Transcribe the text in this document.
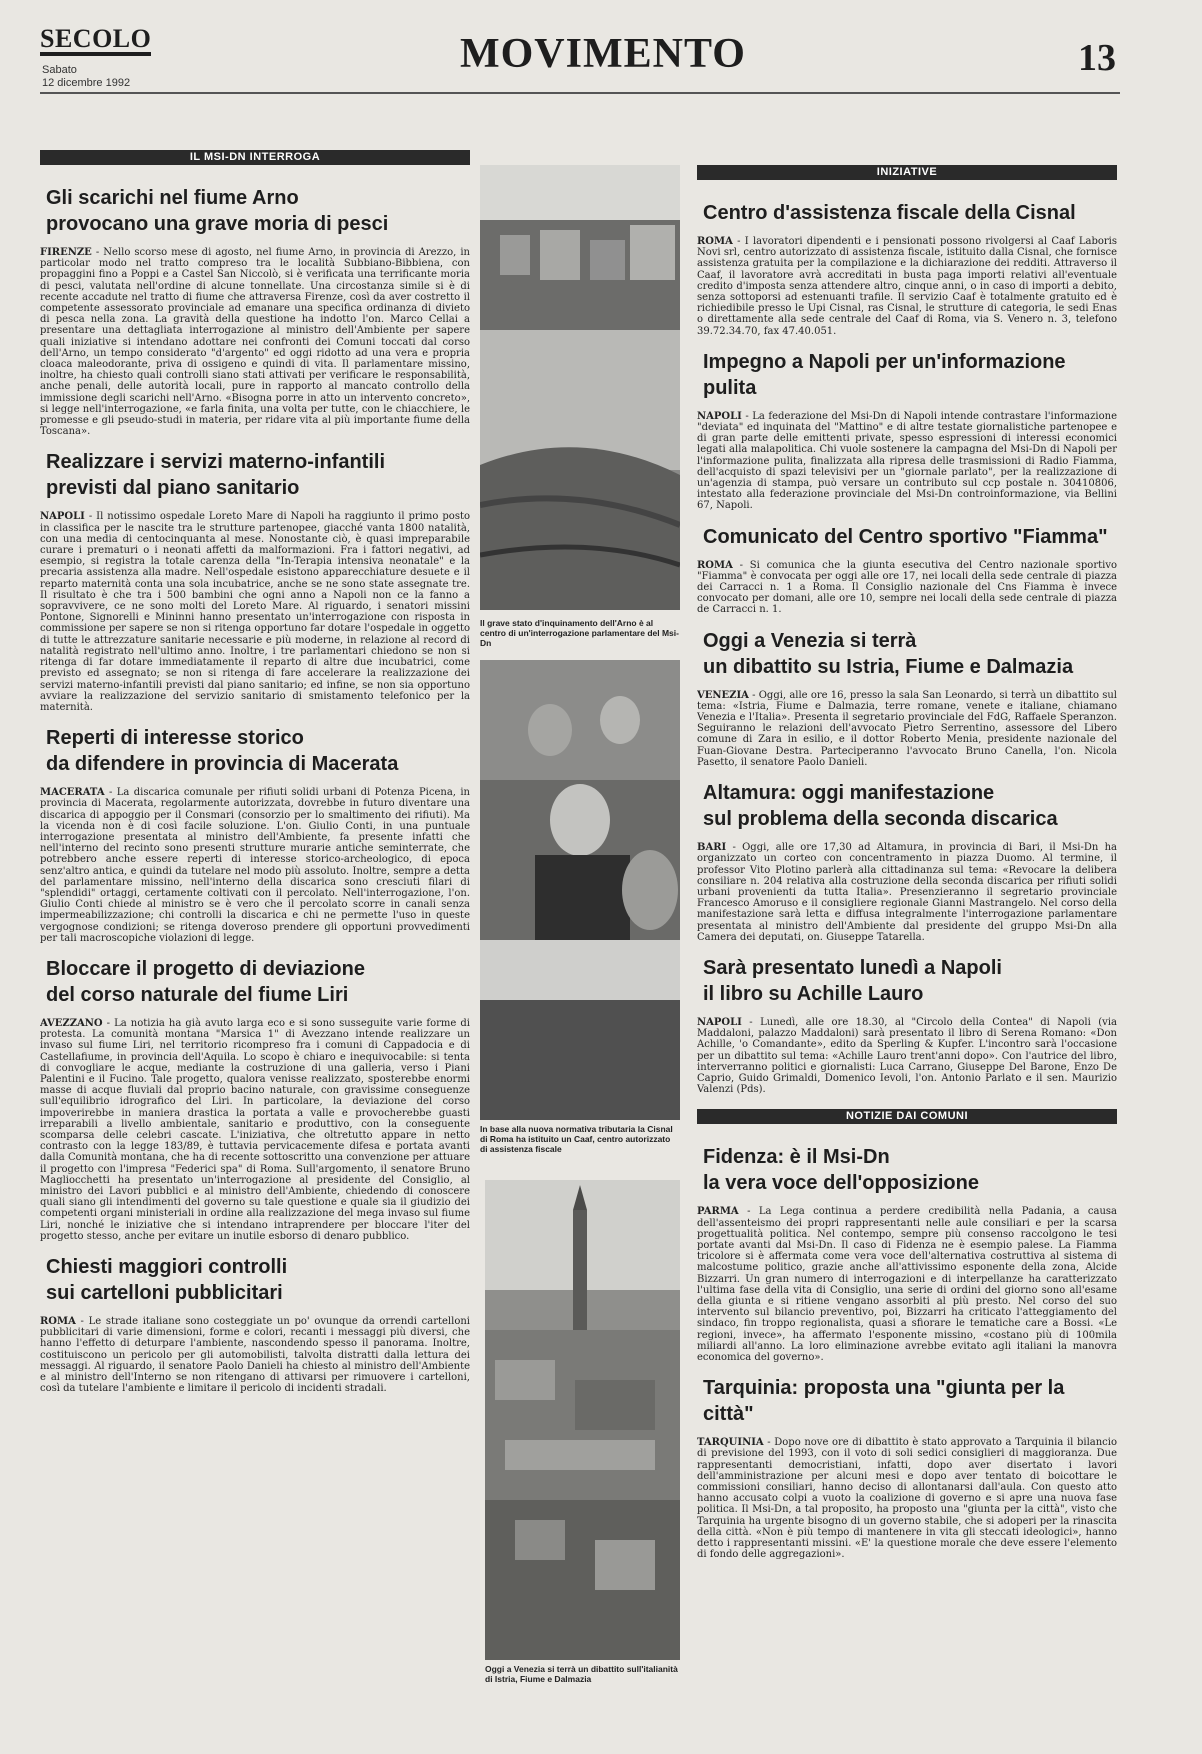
SECOLO
Sabato
12 dicembre 1992
MOVIMENTO	13
IL MSI-DN INTERROGA
Gli scarichi nel fiume Arno
provocano una grave moria di pesci

FIRENZE - Nello scorso mese di agosto, nel fiume Arno, in provincia di Arezzo, in particolar modo nel tratto compreso tra le località Subbiano-Bibbiena, con propaggini fino a Poppi e a Castel San Niccolò, si è verificata una terrificante moria di pesci, valutata nell'ordine di alcune tonnellate. Una circostanza simile si è di recente accadute nel tratto di fiume che attraversa Firenze, così da aver costretto il competente assessorato provinciale ad emanare una specifica ordinanza di divieto di pesca nella zona. La gravità della questione ha indotto l'on. Marco Cellai a presentare una dettagliata interrogazione al ministro dell'Ambiente per sapere quali iniziative si intendano adottare nei confronti dei Comuni toccati dal corso dell'Arno, un tempo considerato "d'argento" ed oggi ridotto ad una vera e propria cloaca maleodorante, priva di ossigeno e quindi di vita. Il parlamentare missino, inoltre, ha chiesto quali controlli siano stati attivati per verificare le responsabilità, anche penali, delle autorità locali, pure in rapporto al mancato controllo della immissione degli scarichi nell'Arno. «Bisogna porre in atto un intervento concreto», si legge nell'interrogazione, «e farla finita, una volta per tutte, con le chiacchiere, le promesse e gli pseudo-studi in materia, per ridare vita al più importante fiume della Toscana».

Realizzare i servizi materno-infantili
previsti dal piano sanitario

NAPOLI - Il notissimo ospedale Loreto Mare di Napoli ha raggiunto il primo posto in classifica per le nascite tra le strutture partenopee, giacché vanta 1800 natalità, con una media di centocinquanta al mese. Nonostante ciò, è quasi impreparabile curare i prematuri o i neonati affetti da malformazioni. Fra i fattori negativi, ad esempio, si registra la totale carenza della "In-Terapia intensiva neonatale" e la precaria assistenza alla madre. Nell'ospedale esistono apparecchiature desuete e il reparto maternità conta una sola incubatrice, anche se ne sono state assegnate tre. Il risultato è che tra i 500 bambini che ogni anno a Napoli non ce la fanno a sopravvivere, ce ne sono molti del Loreto Mare. Al riguardo, i senatori missini Pontone, Signorelli e Mininni hanno presentato un'interrogazione con risposta in commissione per sapere se non si ritenga opportuno far dotare l'ospedale in oggetto di tutte le attrezzature sanitarie necessarie e più moderne, in relazione al record di natalità registrato nell'ultimo anno. Inoltre, i tre parlamentari chiedono se non si ritenga di far dotare immediatamente il reparto di altre due incubatrici, come previsto ed assegnato; se non si ritenga di fare accelerare la realizzazione dei servizi materno-infantili previsti dal piano sanitario; ed infine, se non sia opportuno avviare la realizzazione del servizio sanitario di smistamento telefonico per la maternità.

Reperti di interesse storico
da difendere in provincia di Macerata

MACERATA - La discarica comunale per rifiuti solidi urbani di Potenza Picena, in provincia di Macerata, regolarmente autorizzata, dovrebbe in futuro diventare una discarica di appoggio per il Consmari (consorzio per lo smaltimento dei rifiuti). Ma la vicenda non è di così facile soluzione. L'on. Giulio Conti, in una puntuale interrogazione presentata al ministro dell'Ambiente, fa presente infatti che nell'interno del recinto sono presenti strutture murarie antiche seminterrate, che potrebbero anche essere reperti di interesse storico-archeologico, di epoca senz'altro antica, e quindi da tutelare nel modo più assoluto. Inoltre, sempre a detta del parlamentare missino, nell'interno della discarica sono cresciuti filari di "splendidi" ortaggi, certamente coltivati con il percolato. Nell'interrogazione, l'on. Giulio Conti chiede al ministro se è vero che il percolato scorre in canali senza impermeabilizzazione; chi controlli la discarica e chi ne permette l'uso in queste vergognose condizioni; se ritenga doveroso prendere gli opportuni provvedimenti per tali macroscopiche violazioni di legge.

Bloccare il progetto di deviazione
del corso naturale del fiume Liri

AVEZZANO - La notizia ha già avuto larga eco e si sono susseguite varie forme di protesta. La comunità montana "Marsica 1" di Avezzano intende realizzare un invaso sul fiume Liri, nel territorio ricompreso fra i comuni di Cappadocia e di Castellafiume, in provincia dell'Aquila. Lo scopo è chiaro e inequivocabile: si tenta di convogliare le acque, mediante la costruzione di una galleria, verso i Piani Palentini e il Fucino. Tale progetto, qualora venisse realizzato, sposterebbe enormi masse di acque fluviali dal proprio bacino naturale, con gravissime conseguenze sull'equilibrio idrografico del Liri. In particolare, la deviazione del corso impoverirebbe in maniera drastica la portata a valle e provocherebbe guasti irreparabili a livello ambientale, sanitario e produttivo, con la conseguente scomparsa delle celebri cascate. L'iniziativa, che oltretutto appare in netto contrasto con la legge 183/89, è tuttavia pervicacemente difesa e portata avanti dalla Comunità montana, che ha di recente sottoscritto una convenzione per attuare il progetto con l'impresa "Federici spa" di Roma. Sull'argomento, il senatore Bruno Magliocchetti ha presentato un'interrogazione al presidente del Consiglio, al ministro dei Lavori pubblici e al ministro dell'Ambiente, chiedendo di conoscere quali siano gli intendimenti del governo su tale questione e quale sia il giudizio dei competenti organi ministeriali in ordine alla realizzazione del mega invaso sul fiume Liri, nonché le iniziative che si intendano intraprendere per bloccare l'iter del progetto stesso, anche per evitare un inutile esborso di denaro pubblico.

Chiesti maggiori controlli
sui cartelloni pubblicitari

ROMA - Le strade italiane sono costeggiate un po' ovunque da orrendi cartelloni pubblicitari di varie dimensioni, forme e colori, recanti i messaggi più diversi, che hanno l'effetto di deturpare l'ambiente, nascondendo spesso il panorama. Inoltre, costituiscono un pericolo per gli automobilisti, talvolta distratti dalla lettura dei messaggi. Al riguardo, il senatore Paolo Danieli ha chiesto al ministro dell'Ambiente e al ministro dell'Interno se non ritengano di attivarsi per rimuovere i cartelloni, così da tutelare l'ambiente e limitare il pericolo di incidenti stradali.

Il grave stato d'inquinamento dell'Arno è al centro di un'interrogazione parlamentare del Msi-Dn
In base alla nuova normativa tributaria la Cisnal di Roma ha istituito un Caaf, centro autorizzato di assistenza fiscale
Oggi a Venezia si terrà un dibattito sull'italianità di Istria, Fiume e Dalmazia
INIZIATIVE
Centro d'assistenza fiscale della Cisnal

ROMA - I lavoratori dipendenti e i pensionati possono rivolgersi al Caaf Laboris Novi srl, centro autorizzato di assistenza fiscale, istituito dalla Cisnal, che fornisce assistenza gratuita per la compilazione e la dichiarazione dei redditi. Attraverso il Caaf, il lavoratore avrà accreditati in busta paga importi relativi all'eventuale credito d'imposta senza attendere altro, cinque anni, o in caso di importi a debito, senza sottoporsi ad estenuanti trafile. Il servizio Caaf è totalmente gratuito ed è richiedibile presso le Upi Cisnal, ras Cisnal, le strutture di categoria, le sedi Enas o direttamente alla sede centrale del Caaf di Roma, via S. Venero n. 3, telefono 39.72.34.70, fax 47.40.051.

Impegno a Napoli per un'informazione pulita

NAPOLI - La federazione del Msi-Dn di Napoli intende contrastare l'informazione "deviata" ed inquinata del "Mattino" e di altre testate giornalistiche partenopee e di gran parte delle emittenti private, spesso espressioni di interessi economici legati alla malapolitica. Chi vuole sostenere la campagna del Msi-Dn di Napoli per l'informazione pulita, finalizzata alla ripresa delle trasmissioni di Radio Fiamma, dell'acquisto di spazi televisivi per un "giornale parlato", per la realizzazione di un'agenzia di stampa, può versare un contributo sul ccp postale n. 30410806, intestato alla federazione provinciale del Msi-Dn controinformazione, via Bellini 67, Napoli.

Comunicato del Centro sportivo "Fiamma"

ROMA - Si comunica che la giunta esecutiva del Centro nazionale sportivo "Fiamma" è convocata per oggi alle ore 17, nei locali della sede centrale di piazza dei Carracci n. 1 a Roma. Il Consiglio nazionale del Cns Fiamma è invece convocato per domani, alle ore 10, sempre nei locali della sede centrale di piazza de Carracci n. 1.

Oggi a Venezia si terrà
un dibattito su Istria, Fiume e Dalmazia

VENEZIA - Oggi, alle ore 16, presso la sala San Leonardo, si terrà un dibattito sul tema: «Istria, Fiume e Dalmazia, terre romane, venete e italiane, chiamano Venezia e l'Italia». Presenta il segretario provinciale del FdG, Raffaele Speranzon. Seguiranno le relazioni dell'avvocato Pietro Serrentino, assessore del Libero comune di Zara in esilio, e il dottor Roberto Menia, presidente nazionale del Fuan-Giovane Destra. Parteciperanno l'avvocato Bruno Canella, l'on. Nicola Pasetto, il senatore Paolo Danieli.

Altamura: oggi manifestazione
sul problema della seconda discarica

BARI - Oggi, alle ore 17,30 ad Altamura, in provincia di Bari, il Msi-Dn ha organizzato un corteo con concentramento in piazza Duomo. Al termine, il professor Vito Plotino parlerà alla cittadinanza sul tema: «Revocare la delibera consiliare n. 204 relativa alla costruzione della seconda discarica per rifiuti solidi urbani provenienti da tutta Italia». Presenzieranno il segretario provinciale Francesco Amoruso e il consigliere regionale Gianni Mastrangelo. Nel corso della manifestazione sarà letta e diffusa integralmente l'interrogazione parlamentare presentata al ministro dell'Ambiente dal presidente del gruppo Msi-Dn alla Camera dei deputati, on. Giuseppe Tatarella.

Sarà presentato lunedì a Napoli
il libro su Achille Lauro

NAPOLI - Lunedì, alle ore 18.30, al "Circolo della Contea" di Napoli (via Maddaloni, palazzo Maddaloni) sarà presentato il libro di Serena Romano: «Don Achille, 'o Comandante», edito da Sperling & Kupfer. L'incontro sarà l'occasione per un dibattito sul tema: «Achille Lauro trent'anni dopo». Con l'autrice del libro, interverranno politici e giornalisti: Luca Carrano, Giuseppe Del Barone, Enzo De Caprio, Guido Grimaldi, Domenico Ievoli, l'on. Antonio Parlato e il sen. Maurizio Valenzi (Pds).

NOTIZIE DAI COMUNI
Fidenza: è il Msi-Dn
la vera voce dell'opposizione

PARMA - La Lega continua a perdere credibilità nella Padania, a causa dell'assenteismo dei propri rappresentanti nelle aule consiliari e per la scarsa progettualità politica. Nel contempo, sempre più consenso raccolgono le tesi portate avanti dal Msi-Dn. Il caso di Fidenza ne è esempio palese. La Fiamma tricolore si è affermata come vera voce dell'alternativa costruttiva al sistema di malcostume politico, grazie anche all'attivissimo esponente della zona, Alcide Bizzarri. Un gran numero di interrogazioni e di interpellanze ha caratterizzato l'ultima fase della vita di Consiglio, una serie di ordini del giorno sono all'esame della giunta e si ritiene vengano assorbiti al più presto. Nel corso del suo intervento sul bilancio preventivo, poi, Bizzarri ha criticato l'atteggiamento del sindaco, fin troppo regionalista, quasi a sfiorare le tematiche care a Bossi. «Le regioni, invece», ha affermato l'esponente missino, «costano più di 100mila miliardi all'anno. La loro eliminazione avrebbe evitato agli italiani la manovra economica del governo».

Tarquinia: proposta una "giunta per la città"

TARQUINIA - Dopo nove ore di dibattito è stato approvato a Tarquinia il bilancio di previsione del 1993, con il voto di soli sedici consiglieri di maggioranza. Due rappresentanti democristiani, infatti, dopo aver disertato i lavori dell'amministrazione per alcuni mesi e dopo aver tentato di boicottare le commissioni consiliari, hanno deciso di allontanarsi dall'aula. Con questo atto hanno accusato colpi a vuoto la coalizione di governo e si apre una nuova fase politica. Il Msi-Dn, a tal proposito, ha proposto una "giunta per la città", visto che Tarquinia ha urgente bisogno di un governo stabile, che si adoperi per la rinascita della città. «Non è più tempo di mantenere in vita gli steccati ideologici», hanno detto i rappresentanti missini. «E' la questione morale che deve essere l'elemento di fondo delle aggregazioni».
